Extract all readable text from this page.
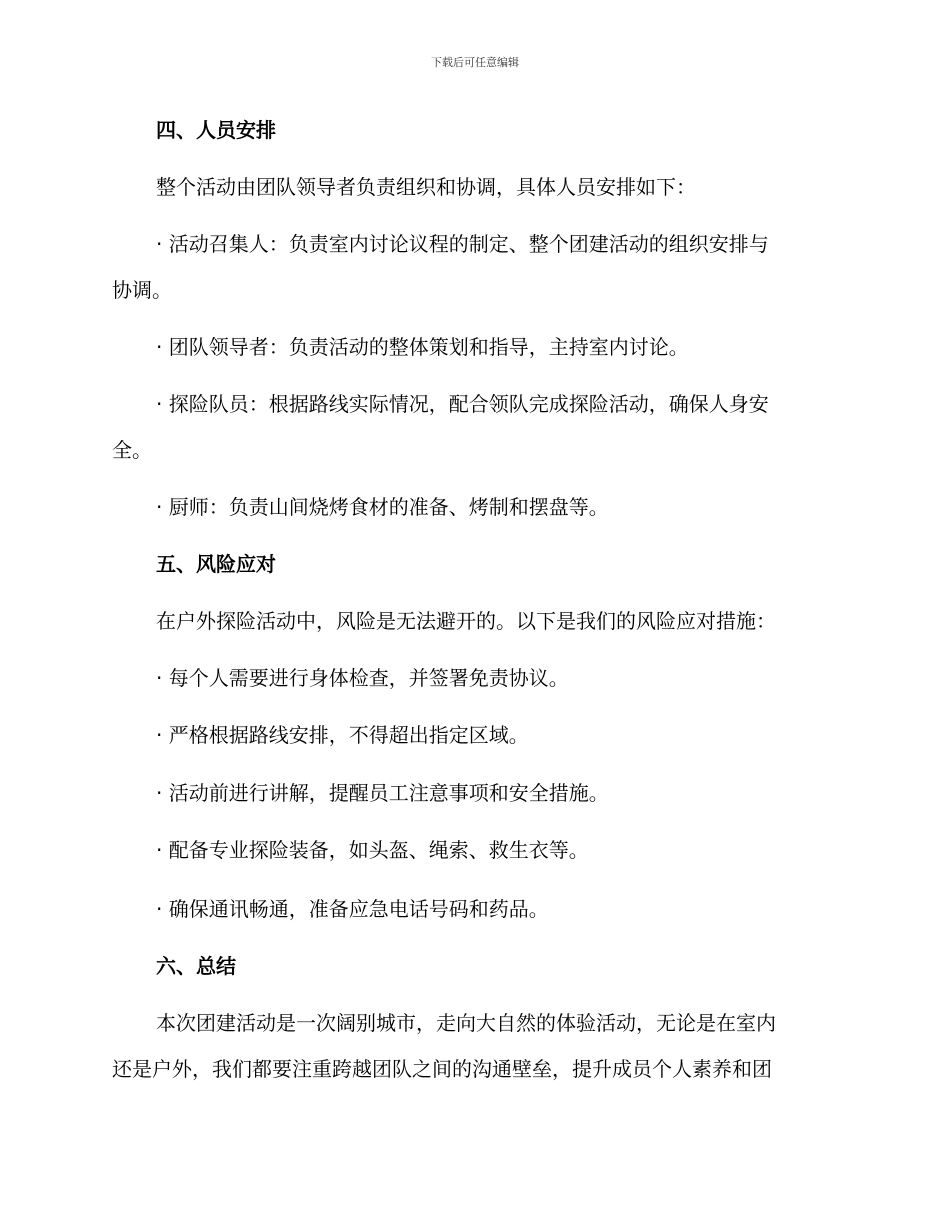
下载后可任意编辑
四、人员安排
整个活动由团队领导者负责组织和协调，具体人员安排如下：
· 活动召集人：负责室内讨论议程的制定、整个团建活动的组织安排与
协调。
· 团队领导者：负责活动的整体策划和指导，主持室内讨论。
· 探险队员：根据路线实际情况，配合领队完成探险活动，确保人身安
全。
· 厨师：负责山间烧烤食材的准备、烤制和摆盘等。
五、风险应对
在户外探险活动中，风险是无法避开的。以下是我们的风险应对措施：
· 每个人需要进行身体检查，并签署免责协议。
· 严格根据路线安排，不得超出指定区域。
· 活动前进行讲解，提醒员工注意事项和安全措施。
· 配备专业探险装备，如头盔、绳索、救生衣等。
· 确保通讯畅通，准备应急电话号码和药品。
六、总结
本次团建活动是一次阔别城市，走向大自然的体验活动，无论是在室内
还是户外，我们都要注重跨越团队之间的沟通壁垒，提升成员个人素养和团
